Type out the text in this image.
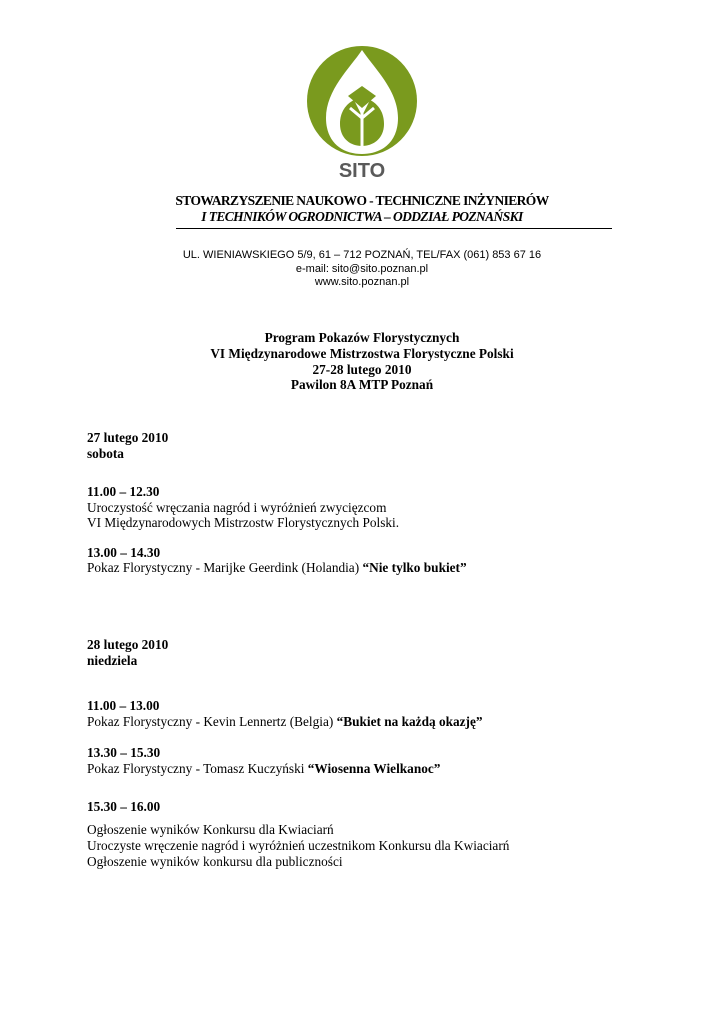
SITO
STOWARZYSZENIE NAUKOWO - TECHNICZNE INŻYNIERÓW
I TECHNIKÓW OGRODNICTWA – ODDZIAŁ POZNAŃSKI
UL. WIENIAWSKIEGO 5/9, 61 – 712 POZNAŃ, TEL/FAX (061) 853 67 16
e-mail: sito@sito.poznan.pl
www.sito.poznan.pl
Program Pokazów Florystycznych
VI Międzynarodowe Mistrzostwa Florystyczne Polski
27-28 lutego 2010
Pawilon 8A MTP Poznań
27 lutego 2010
sobota
11.00 – 12.30
Uroczystość wręczania nagród i wyróżnień zwycięzcom
VI Międzynarodowych Mistrzostw Florystycznych Polski.
13.00 – 14.30
Pokaz Florystyczny - Marijke Geerdink (Holandia) “Nie tylko bukiet”
28 lutego 2010
niedziela
11.00 – 13.00
Pokaz Florystyczny - Kevin Lennertz (Belgia) “Bukiet na każdą okazję”
13.30 – 15.30
Pokaz Florystyczny - Tomasz Kuczyński “Wiosenna Wielkanoc”
15.30 – 16.00
Ogłoszenie wyników Konkursu dla Kwiaciarń
Uroczyste wręczenie nagród i wyróżnień uczestnikom Konkursu dla Kwiaciarń
Ogłoszenie wyników konkursu dla publiczności
